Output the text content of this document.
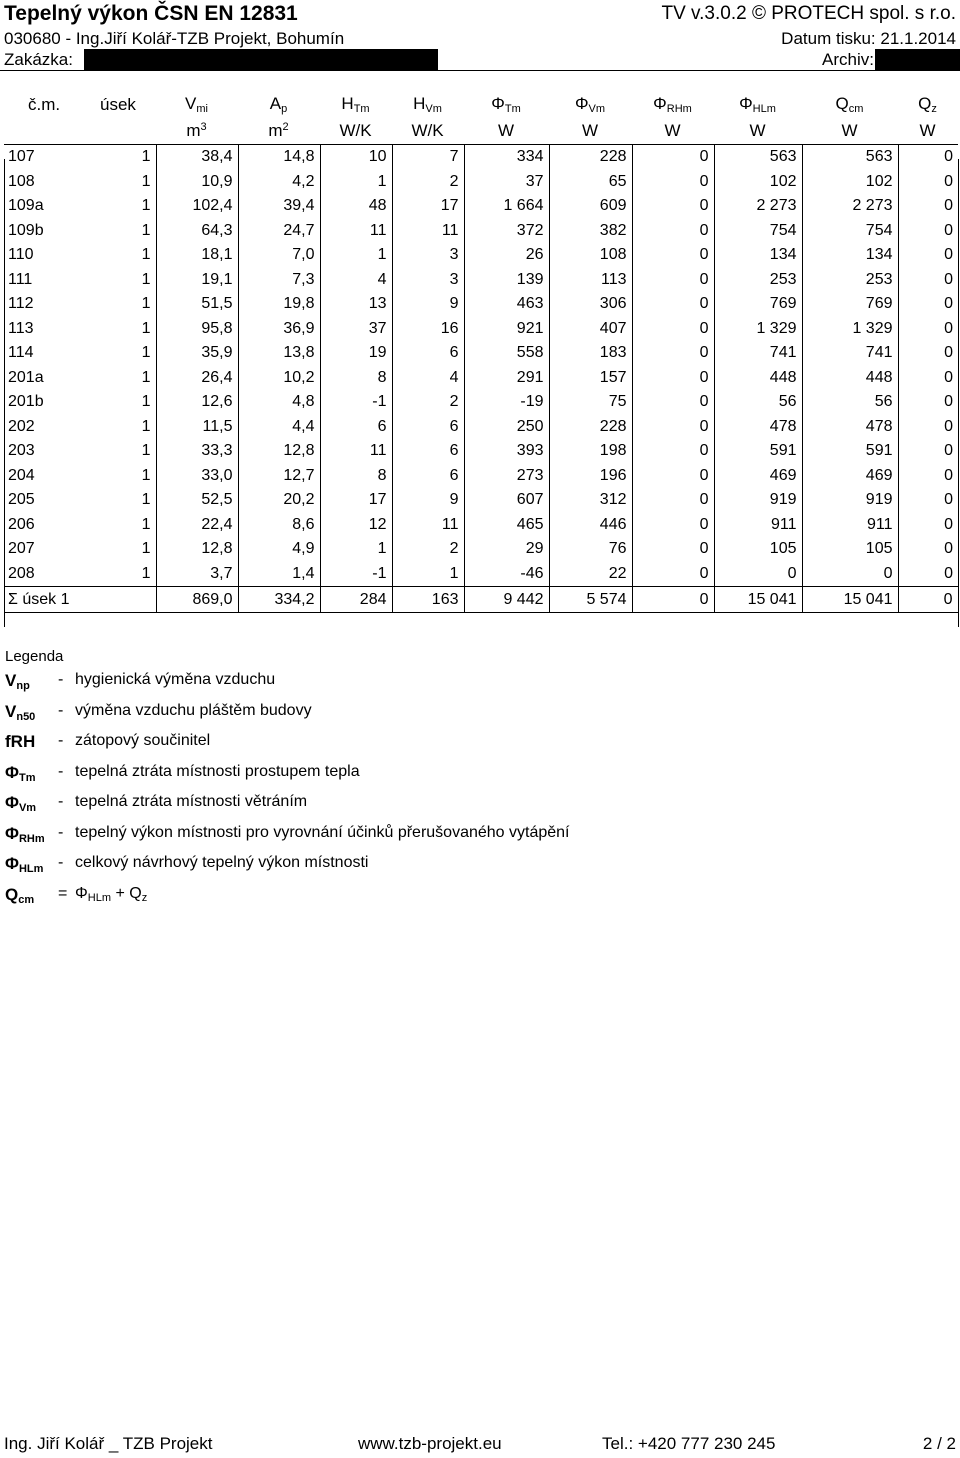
Tepelný výkon ČSN EN 12831	TV v.3.0.2 © PROTECH spol. s r.o.
030680 - Ing.Jiří Kolář-TZB Projekt, Bohumín	Datum tisku: 21.1.2014
Zakázka:	Archiv:
č.m.	úsek	$V_{mi}$	$A_p$	$H_{Tm}$	$H_{Vm}$	$\Phi_{Tm}$	$\Phi_{Vm}$	$\Phi_{RHm}$	$\Phi_{HLm}$	$Q_{cm}$	$Q_z$
		$m^3$	$m^2$	W/K	W/K	W	W	W	W	W	W
107	1	38,4	14,8	10	7	334	228	0	563	563	0
108	1	10,9	4,2	1	2	37	65	0	102	102	0
109a	1	102,4	39,4	48	17	1 664	609	0	2 273	2 273	0
109b	1	64,3	24,7	11	11	372	382	0	754	754	0
110	1	18,1	7,0	1	3	26	108	0	134	134	0
111	1	19,1	7,3	4	3	139	113	0	253	253	0
112	1	51,5	19,8	13	9	463	306	0	769	769	0
113	1	95,8	36,9	37	16	921	407	0	1 329	1 329	0
114	1	35,9	13,8	19	6	558	183	0	741	741	0
201a	1	26,4	10,2	8	4	291	157	0	448	448	0
201b	1	12,6	4,8	-1	2	-19	75	0	56	56	0
202	1	11,5	4,4	6	6	250	228	0	478	478	0
203	1	33,3	12,8	11	6	393	198	0	591	591	0
204	1	33,0	12,7	8	6	273	196	0	469	469	0
205	1	52,5	20,2	17	9	607	312	0	919	919	0
206	1	22,4	8,6	12	11	465	446	0	911	911	0
207	1	12,8	4,9	1	2	29	76	0	105	105	0
208	1	3,7	1,4	-1	1	-46	22	0	0	0	0
Σ úsek 1		869,0	334,2	284	163	9 442	5 574	0	15 041	15 041	0
Legenda
$V_{np}$	- hygienická výměna vzduchu
$V_{n50}$	- výměna vzduchu pláštěm budovy
fRH	- zátopový součinitel
$\Phi_{Tm}$	- tepelná ztráta místnosti prostupem tepla
$\Phi_{Vm}$	- tepelná ztráta místnosti větráním
$\Phi_{RHm}$ - tepelný výkon místnosti pro vyrovnání účinků přerušovaného vytápění
$\Phi_{HLm}$ - celkový návrhový tepelný výkon místnosti
$Q_{cm}$	= $\Phi_{HLm} + Q_z$
Ing. Jiří Kolář _ TZB Projekt	www.tzb-projekt.eu	Tel.: +420 777 230 245	2 / 2
